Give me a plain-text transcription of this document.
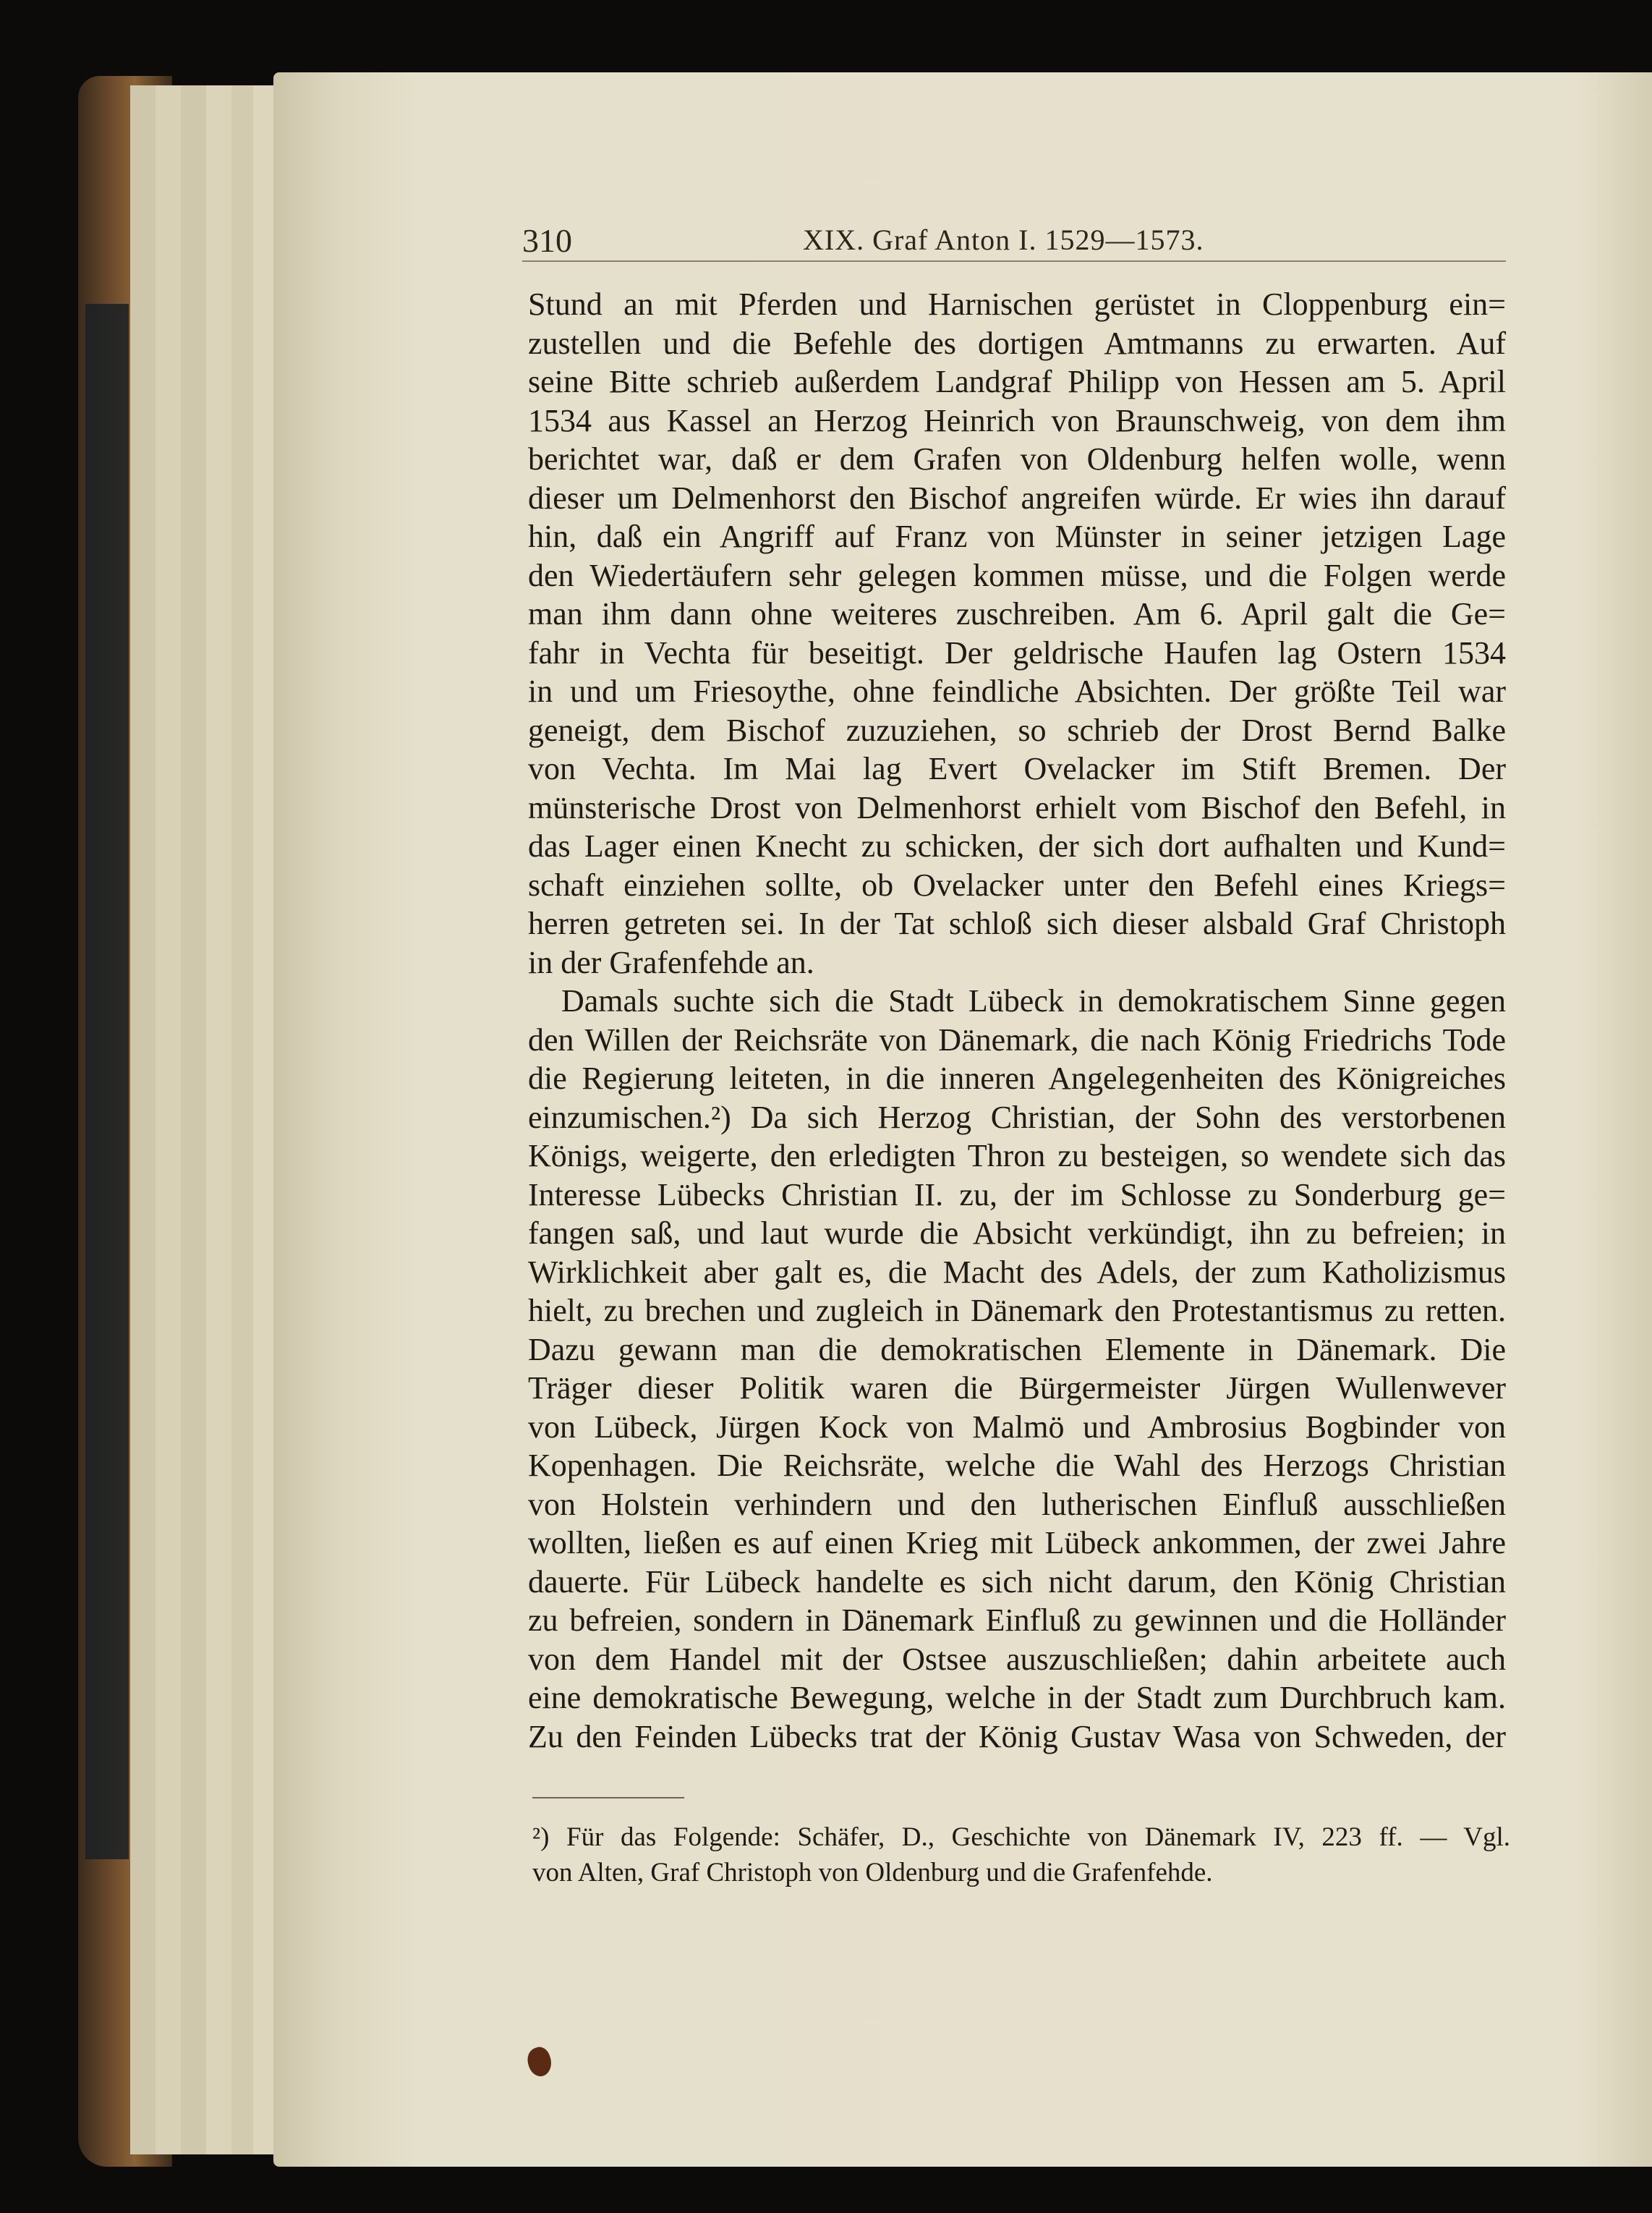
310	XIX. Graf Anton I. 1529—1573.

Stund an mit Pferden und Harnischen gerüstet in Cloppenburg ein=
zustellen und die Befehle des dortigen Amtmanns zu erwarten. Auf
seine Bitte schrieb außerdem Landgraf Philipp von Hessen am 5. April
1534 aus Kassel an Herzog Heinrich von Braunschweig, von dem ihm
berichtet war, daß er dem Grafen von Oldenburg helfen wolle, wenn
dieser um Delmenhorst den Bischof angreifen würde. Er wies ihn darauf
hin, daß ein Angriff auf Franz von Münster in seiner jetzigen Lage
den Wiedertäufern sehr gelegen kommen müsse, und die Folgen werde
man ihm dann ohne weiteres zuschreiben. Am 6. April galt die Ge=
fahr in Vechta für beseitigt. Der geldrische Haufen lag Ostern 1534
in und um Friesoythe, ohne feindliche Absichten. Der größte Teil war
geneigt, dem Bischof zuzuziehen, so schrieb der Drost Bernd Balke
von Vechta. Im Mai lag Evert Ovelacker im Stift Bremen. Der
münsterische Drost von Delmenhorst erhielt vom Bischof den Befehl, in
das Lager einen Knecht zu schicken, der sich dort aufhalten und Kund=
schaft einziehen sollte, ob Ovelacker unter den Befehl eines Kriegs=
herren getreten sei. In der Tat schloß sich dieser alsbald Graf Christoph
in der Grafenfehde an.

Damals suchte sich die Stadt Lübeck in demokratischem Sinne gegen
den Willen der Reichsräte von Dänemark, die nach König Friedrichs Tode
die Regierung leiteten, in die inneren Angelegenheiten des Königreiches
einzumischen.²) Da sich Herzog Christian, der Sohn des verstorbenen
Königs, weigerte, den erledigten Thron zu besteigen, so wendete sich das
Interesse Lübecks Christian II. zu, der im Schlosse zu Sonderburg ge=
fangen saß, und laut wurde die Absicht verkündigt, ihn zu befreien; in
Wirklichkeit aber galt es, die Macht des Adels, der zum Katholizismus
hielt, zu brechen und zugleich in Dänemark den Protestantismus zu retten.
Dazu gewann man die demokratischen Elemente in Dänemark. Die
Träger dieser Politik waren die Bürgermeister Jürgen Wullenwever
von Lübeck, Jürgen Kock von Malmö und Ambrosius Bogbinder von
Kopenhagen. Die Reichsräte, welche die Wahl des Herzogs Christian
von Holstein verhindern und den lutherischen Einfluß ausschließen
wollten, ließen es auf einen Krieg mit Lübeck ankommen, der zwei Jahre
dauerte. Für Lübeck handelte es sich nicht darum, den König Christian
zu befreien, sondern in Dänemark Einfluß zu gewinnen und die Holländer
von dem Handel mit der Ostsee auszuschließen; dahin arbeitete auch
eine demokratische Bewegung, welche in der Stadt zum Durchbruch kam.
Zu den Feinden Lübecks trat der König Gustav Wasa von Schweden, der

²) Für das Folgende: Schäfer, D., Geschichte von Dänemark IV, 223 ff. — Vgl.
von Alten, Graf Christoph von Oldenburg und die Grafenfehde.
